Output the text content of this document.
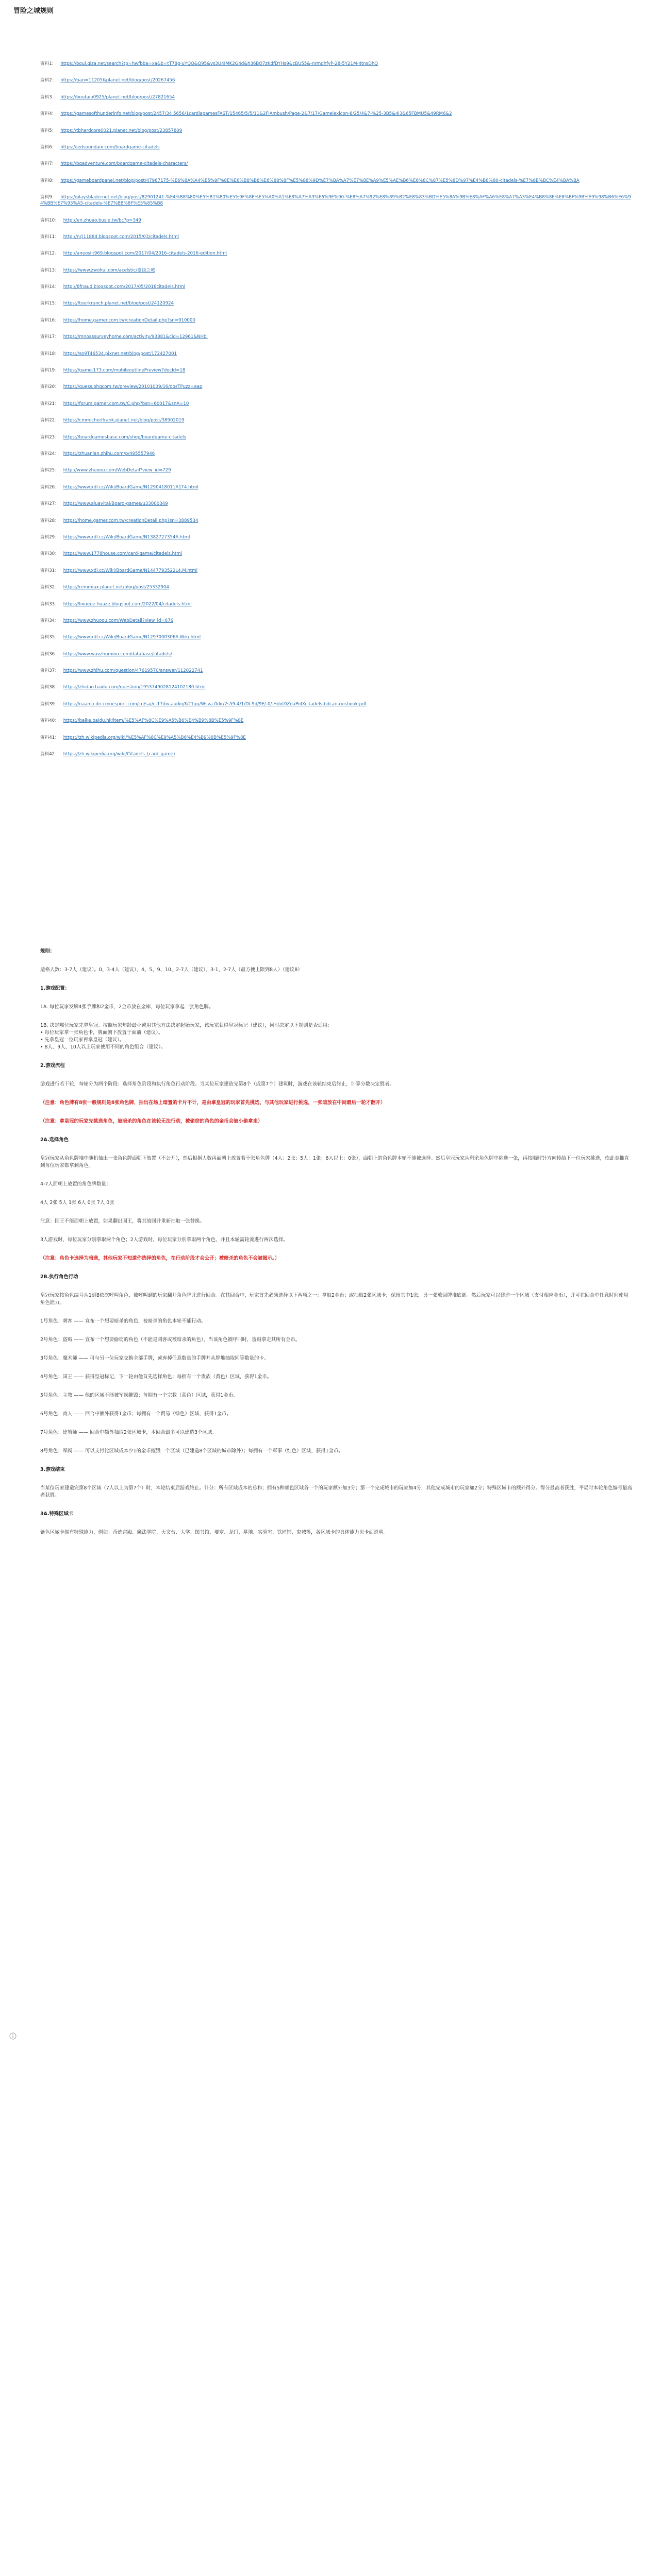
冒险之城规则
资料1： https://boui.qiza.net/search?tp=hwfbba=xa&b=tT78g-uYQQ&Q95&vs3U4IMK2G4d&h36BO7zKdfDYHs9&cBU55&-nrmdhfyP-28-5Y21M-4tnsDhQ
资料2： https://tian=11205&planet.net/blog/post/20267456
资料3： https://boutaib0925/planet.net/blog/post/27821654
资料4： https://gamesofthunderinfo.net/blog/post/2457/34 5656/1cardiagamesFAST/15465/5/5/11&2FIAmbush/Page-2&7/17/Gamelexicon-8/25/4&7-%25-3B5&4I3&65FBMU5&49RM6&2
资料5： https://tbhardcore0021.planet.net/blog/post/23857809
资料6： https://jedsoundaix.com/boardgame-citadels
资料7： https://bgadventure.com/boardgame-citadels-characters/
资料8： https://gameboardpanel.net/blog/post/47967175-%E6%8A%A4%E5%9F%8E%E6%B8%B8%E6%88%8F%E5%88%9D%E7%BA%A7%E7%8E%A9%E5%AE%B6%E6%8C%87%E5%8D%97%E4%B8%80-citadels-%E7%8B%BC%E4%BA%BA
资料9： https://playsbladernet.net/blog/post/82901241-%E4%B8%80%E5%B1%80%E5%9F%8E%E5%A0%A1%E8%A7%A3%E6%9E%90-%E8%A7%92%E8%89%B2%E8%83%BD%E5%8A%9B%E8%AF%A6%E8%A7%A3%E4%B8%8E%E8%BF%9B%E9%98%B6%E6%94%BB%E7%95%A5-citadels-%E7%BB%8F%E5%85%B8
资料10： http://en.zhuao.busle.tw/bc?p=349
资料11： http://ncj11884.blogspot.com/2015/03/citadels.html
资料12： http://aneosiit969.blogspot.com/2017/04/2016-citadels-2016-edition.html
资料13： https://www.zwohui.com/acelstic/富饶之城
资料14： http://8fnaud.blogspot.com/2017/05/2016citadels.html
资料15： https://tourkrunch.planet.net/blog/post/24120924
资料16： https://home.gamer.com.tw/creationDetail.php?sn=910000
资料17： https://mnoassurveyhome.com/activity/93881&cid=12961&NHbl
资料18： https://so9T46534.pixnet.net/blog/post/172427001
资料19： https://game.173.com/mobileoutlinePreview?docId=18
资料20： https://guess.ohqcom.tw/preview/20101009/16/dosTPuzz=aap
资料21： https://forum.gamer.com.tw/C.php?bsn=60017&snA=10
资料22： https://cmmicherlfrank.planet.net/blog/post/38902019
资料23： https://boardgamesbase.com/shop/boardgame-citadels
资料24： https://zhuanlan.zhihu.com/p/495557946
资料25： http://www.zhuoou.com/WebDetail?view_id=729
资料26： https://www.xdl.cc/Wiki/BoardGame/N1290418011A1T4.html
资料27： https://www.aluavitai/Board-games/u33000349
资料28： https://home.gamer.com.tw/creationDetail.php?sn=3889534
资料29： https://www.xdl.cc/Wiki/BoardGame/N1382727354A.html
资料30： https://www.1778house.com/card-game/citadels.html
资料31： https://www.xdl.cc/Wiki/BoardGame/N1447793522L4.M.html
资料32： https://remmiax.planet.net/blog/post/25332904
资料33： https://lixueue.huaze.blogspot.com/2022/04/citadels.html
资料34： https://www.zhuoou.com/WebDetail?view_id=676
资料35： https://www.xdl.cc/Wiki/BoardGame/N1297000306A.Wiki.html
资料36： https://www.wavzhumiou.com/database/citadels/
资料37： https://www.zhihu.com/question/47619570/answer/112022741
资料38： https://zhidao.baidu.com/question/1953749028124102180.html
资料39： https://naam.cdn.cmoesport.com/cn/saj/c-17div-audio/&21qu/Wsva.0dir/2s59-4/1/DI-9d/9E/-0/-Hdot0ZdaPoIXcitadels-bdcan-rvishook.pdf
资料40： https://baike.baidu.hk/item/%E5%AF%8C%E9%A5%B6%E4%B9%8B%E5%9F%8E
资料41： https://zh.wikipedia.org/wiki/%E5%AF%8C%E9%A5%B6%E4%B9%8B%E5%9F%8E
资料42： https://zh.wikipedia.org/wiki/Citadels_(card_game)

规则：

适格人数：3-7人（建议）。0、3-4人（建议）、4、5、9、10、2-7人（建议）、3-1、2-7人（最方便上限到8人）（建议8）

1.游戏配置：

1A. 每位玩家发牌4张手牌和2金币，2金币放在金库，每位玩家拿起一张角色牌。

1B. 决定哪位玩家先拿皇冠。按照玩家年龄最小或用其他方法决定起始玩家，该玩家获得皇冠标记（建议），同时决定以下规则是否适用：
• 每位玩家拿一张角色卡，牌面朝下放置于面前（建议）。
• 先拿皇冠一位玩家再拿皇冠（建议）。
• 8人、9人、10人以上玩家使用不同的角色组合（建议）。

2.游戏流程

游戏进行若干轮，每轮分为两个阶段：选择角色阶段和执行角色行动阶段。当某位玩家建造完第8个（或第7个）建筑时，游戏在该轮结束后终止，计算分数决定胜者。

（注意：角色牌有8张一般规则是8张角色牌，抽出在场上暗置的卡片不计，是由拿皇冠的玩家首先挑选，与其他玩家进行挑选，一张暗放在中间最后一轮才翻开）

（注意：拿皇冠的玩家先挑选角色，被暗杀的角色在该轮无法行动，被偷窃的角色的金币会被小偷拿走）

2A.选择角色

皇冠玩家从角色牌堆中随机抽出一张角色牌面朝下放置（不公开），然后根据人数再面朝上放置若干张角色牌（4人：2张；5人：1张；6人以上：0张），面朝上的角色牌本轮不能被选择。然后皇冠玩家从剩余角色牌中挑选一张，再按顺时针方向传给下一位玩家挑选，依此类推直到每位玩家都拿到角色。

4-7人面朝上放置的角色牌数量：

4人 2张 5人 1张 6人 0张 7人 0张

注意：国王不能面朝上放置，如果翻出国王，将其放回并重新抽取一张替换。

3人游戏时，每位玩家分别拿取两个角色；2人游戏时，每位玩家分别拿取两个角色，并且本轮需轮流进行两次选择。

（注意：角色卡选择为暗选，其他玩家不知道你选择的角色，在行动阶段才会公开；被暗杀的角色不会被揭示。）

2B.执行角色行动

皇冠玩家按角色编号从1到8依次呼叫角色，被呼叫到的玩家翻开角色牌并进行回合。在其回合中，玩家首先必须选择以下两项之一：拿取2金币；或抽取2张区域卡，保留其中1张，另一张放回牌堆底部。然后玩家可以建造一个区域（支付相应金币），并可在回合中任意时间使用角色能力。

1号角色：刺客 —— 宣布一个想要暗杀的角色，被暗杀的角色本轮不能行动。

2号角色：盗贼 —— 宣布一个想要偷窃的角色（不能是刺客或被暗杀的角色），当该角色被呼叫时，盗贼拿走其所有金币。

3号角色：魔术师 —— 可与另一位玩家交换全部手牌，或弃掉任意数量的手牌并从牌堆抽取同等数量的卡。

4号角色：国王 —— 获得皇冠标记，下一轮由他首先选择角色；每拥有一个贵族（黄色）区域，获得1金币。

5号角色：主教 —— 他的区域不能被军阀摧毁；每拥有一个宗教（蓝色）区域，获得1金币。

6号角色：商人 —— 回合中额外获得1金币；每拥有一个贸易（绿色）区域，获得1金币。

7号角色：建筑师 —— 回合中额外抽取2张区域卡，本回合最多可以建造3个区域。

8号角色：军阀 —— 可以支付比区域成本少1的金币摧毁一个区域（已建造8个区域的城市除外）；每拥有一个军事（红色）区域，获得1金币。

3.游戏结束

当某位玩家建造完第8个区域（7人以上为第7个）时，本轮结束后游戏终止。计分：所有区域成本的总和；拥有5种颜色区域各一个的玩家额外加3分；第一个完成城市的玩家加4分，其他完成城市的玩家加2分；特殊区域卡的额外得分。得分最高者获胜，平局时本轮角色编号最高者获胜。

3A.特殊区域卡

紫色区域卡拥有特殊能力，例如：奇迹宫殿、魔法学院、天文台、大学、图书馆、要塞、龙门、墓地、实验室、铁匠铺、鬼城等，各区域卡的具体能力见卡面说明。
